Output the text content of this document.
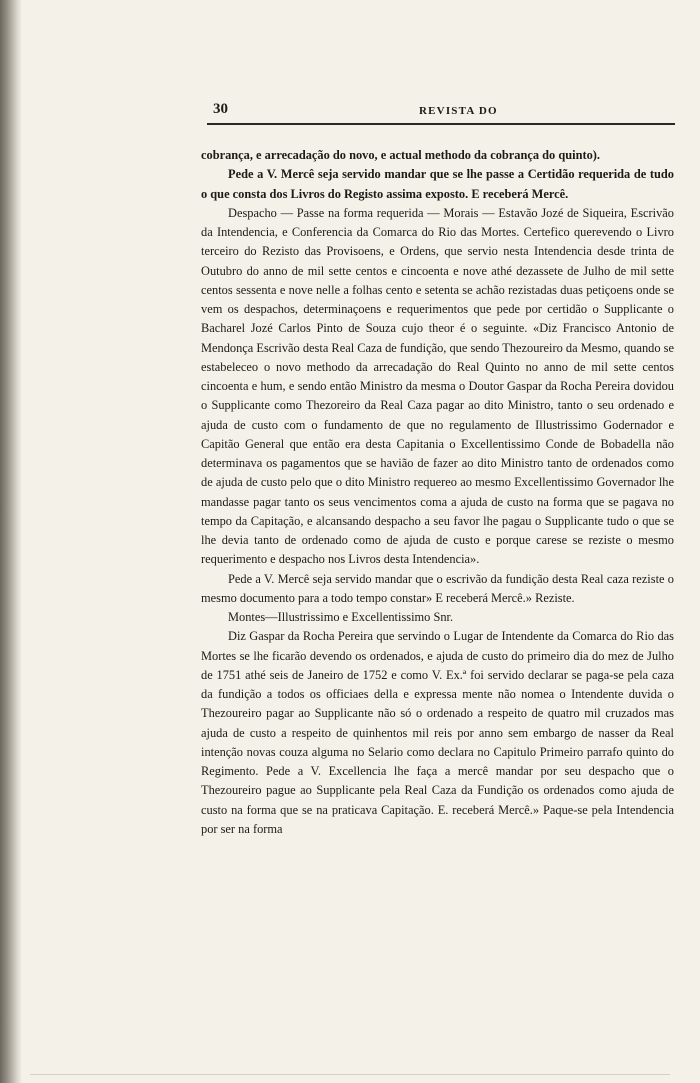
30	REVISTA DO

cobrança, e arrecadação do novo, e actual methodo da cobrança do quinto).

Pede a V. Mercê seja servido mandar que se lhe passe a Certidão requerida de tudo o que consta dos Livros do Registo assima exposto. E receberá Mercê.

Despacho — Passe na forma requerida — Morais — Estavão Jozé de Siqueira, Escrivão da Intendencia, e Conferencia da Comarca do Rio das Mortes. Certefico querevendo o Livro terceiro do Rezisto das Provisoens, e Ordens, que servio nesta Intendencia desde trinta de Outubro do anno de mil sette centos e cincoenta e nove athé dezassete de Julho de mil sette centos sessenta e nove nelle a folhas cento e setenta se achão rezistadas duas petiçoens onde se vem os despachos, determinaçoens e requerimentos que pede por certidão o Supplicante o Bacharel Jozé Carlos Pinto de Souza cujo theor é o seguinte. «Diz Francisco Antonio de Mendonça Escrivão desta Real Caza de fundição, que sendo Thezoureiro da Mesmo, quando se estabeleceo o novo methodo da arrecadação do Real Quinto no anno de mil sette centos cincoenta e hum, e sendo então Ministro da mesma o Doutor Gaspar da Rocha Pereira dovidou o Supplicante como Thezoreiro da Real Caza pagar ao dito Ministro, tanto o seu ordenado e ajuda de custo com o fundamento de que no regulamento de Illustrissimo Godernador e Capitão General que então era desta Capitania o Excellentissimo Conde de Bobadella não determinava os pagamentos que se havião de fazer ao dito Ministro tanto de ordenados como de ajuda de custo pelo que o dito Ministro requereo ao mesmo Excellentissimo Governador lhe mandasse pagar tanto os seus vencimentos coma a ajuda de custo na forma que se pagava no tempo da Capitação, e alcansando despacho a seu favor lhe pagau o Supplicante tudo o que se lhe devia tanto de ordenado como de ajuda de custo e porque carese se reziste o mesmo requerimento e despacho nos Livros desta Intendencia».

Pede a V. Mercê seja servido mandar que o escrivão da fundição desta Real caza reziste o mesmo documento para a todo tempo constar» E receberá Mercê.» Reziste.

Montes—Illustrissimo e Excellentissimo Snr.

Diz Gaspar da Rocha Pereira que servindo o Lugar de Intendente da Comarca do Rio das Mortes se lhe ficarão devendo os ordenados, e ajuda de custo do primeiro dia do mez de Julho de 1751 athé seis de Janeiro de 1752 e como V. Ex.ª foi servido declarar se paga-se pela caza da fundição a todos os officiaes della e expressa mente não nomea o Intendente duvida o Thezoureiro pagar ao Supplicante não só o ordenado a respeito de quatro mil cruzados mas ajuda de custo a respeito de quinhentos mil reis por anno sem embargo de nasser da Real intenção novas couza alguma no Selario como declara no Capitulo Primeiro parrafo quinto do Regimento. Pede a V. Excellencia lhe faça a mercê mandar por seu despacho que o Thezoureiro pague ao Supplicante pela Real Caza da Fundição os ordenados como ajuda de custo na forma que se na praticava Capitação. E. receberá Mercê.» Paque-se pela Intendencia por ser na forma
